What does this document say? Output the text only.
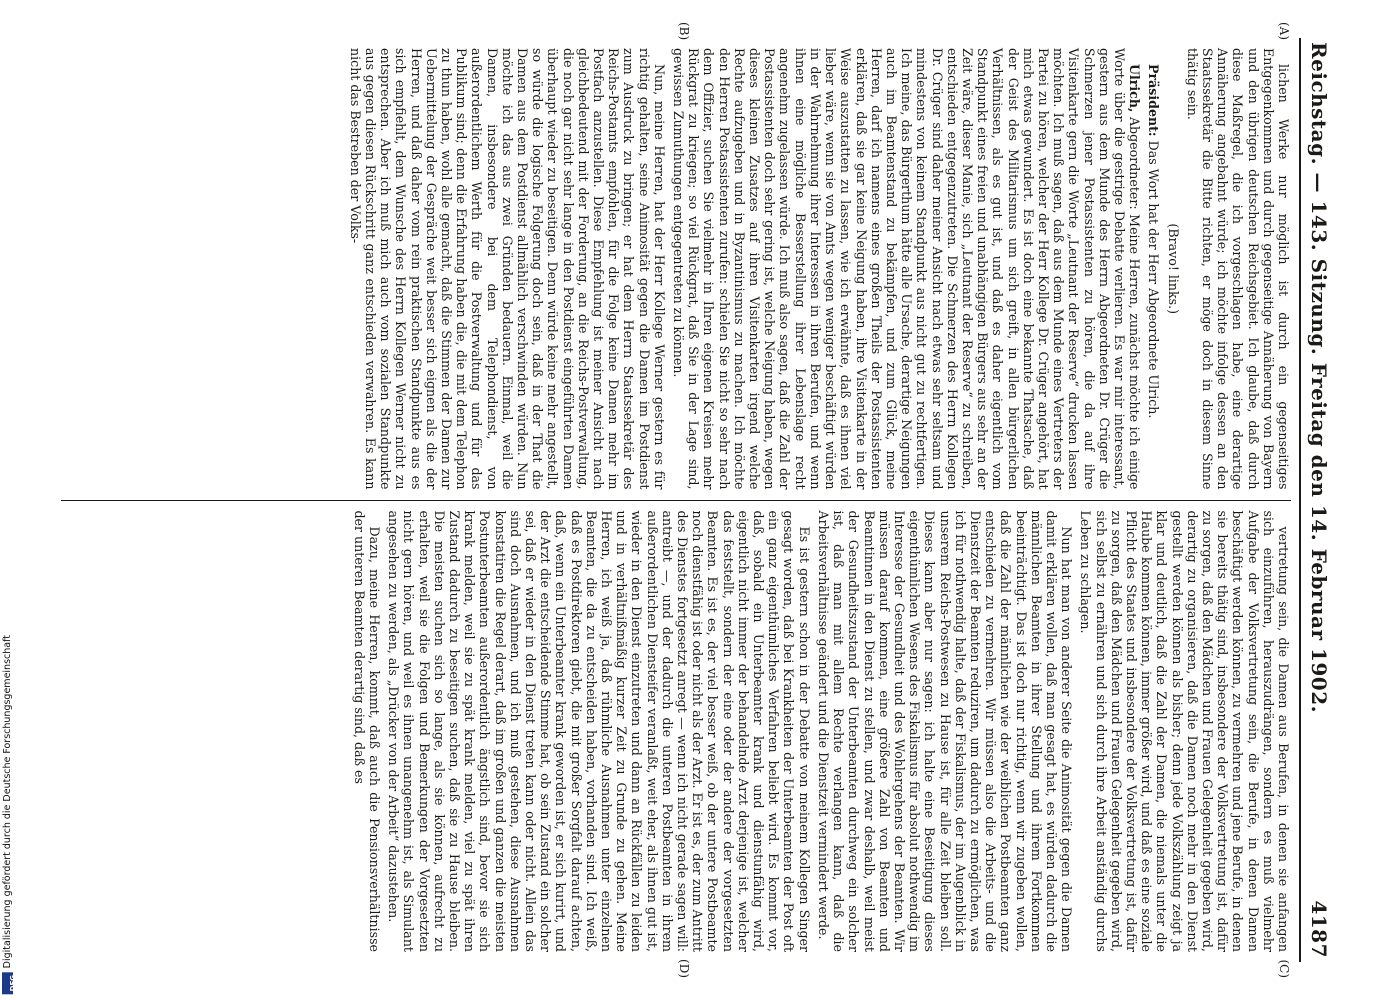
Reichstag. — 143. Sitzung. Freitag den 14. Februar 1902.
4187
(A)
(B)
(C)
(D)

lichen Werke nur möglich ist durch ein gegenseitiges Entgegenkommen und durch gegenseitige Annäherung von Bayern und den übrigen deutschen Reichsgebiet. Ich glaube, daß durch diese Maßregel, die ich vorgeschlagen habe, eine derartige Annäherung angebahnt würde; ich möchte infolge dessen an den Staatssekretär die Bitte richten, er möge doch in diesem Sinne thätig sein.

(Bravo! links.)

Präsident: Das Wort hat der Herr Abgeordnete Ulrich.

Ulrich, Abgeordneter: Meine Herren, zunächst möchte ich einige Worte über die gestrige Debatte verlieren. Es war mir interessant, gestern aus dem Munde des Herrn Abgeordneten Dr. Crüger die Schmerzen jener Postassistenten zu hören, die da auf ihre Visitenkarte gern die Worte „Leutnant der Reserve“ drucken lassen möchten. Ich muß sagen, daß aus dem Munde eines Vertreters der Partei zu hören, welcher der Herr Kollege Dr. Crüger angehört, hat mich etwas gewundert. Es ist doch eine bekannte Thatsache, daß der Geist des Militarismus um sich greift, in allen bürgerlichen Verhältnissen, als es gut ist, und daß es daher eigentlich vom Standpunkt eines freien und unabhängigen Bürgers aus sehr an der Zeit wäre, dieser Manie, sich „Leutnant der Reserve“ zu schreiben, entschieden entgegenzutreten. Die Schmerzen des Herrn Kollegen Dr. Crüger sind daher meiner Ansicht nach etwas sehr seltsam und mindestens von keinem Standpunkt aus nicht gut zu rechtfertigen. Ich meine, das Bürgerthum hätte alle Ursache, derartige Neigungen auch im Beamtenstand zu bekämpfen, und zum Glück, meine Herren, darf ich namens eines großen Theils der Postassistenten erklären, daß sie gar keine Neigung haben, ihre Visitenkarte in der Weise auszustatten zu lassen, wie ich erwähnte, daß es ihnen viel lieber wäre, wenn sie von Amts wegen weniger beschäftigt würden in der Wahrnehmung ihrer Interessen in ihren Berufen, und wenn ihnen eine mögliche Besserstellung ihrer Lebenslage recht angenehm zugelassen würde. Ich muß also sagen, daß die Zahl der Postassistenten doch sehr gering ist, welche Neigung haben, wegen dieses kleinen Zusatzes auf ihren Visitenkarten irgend welche Rechte aufzugeben und in Byzantinismus zu machen. Ich möchte den Herren Postassistenten zurufen: schielen Sie nicht so sehr nach dem Offizier, suchen Sie vielmehr in Ihren eigenen Kreisen mehr Rückgrat zu kriegen; so viel Rückgrat, daß Sie in der Lage sind, gewissen Zumuthungen entgegentreten zu können.

Nun, meine Herren, hat der Herr Kollege Werner gestern es für richtig gehalten, seine Animosität gegen die Damen im Postdienst zum Ausdruck zu bringen; er hat dem Herrn Staatssekretär des Reichs-Postamts empfohlen, für die Folge keine Damen mehr im Postfach anzustellen. Diese Empfehlung ist meiner Ansicht nach gleichbedeutend mit der Forderung, an die Reichs-Postverwaltung, die noch gar nicht sehr lange in den Postdienst eingeführten Damen überhaupt wieder zu beseitigen. Denn würde keine mehr angestellt, so würde die logische Folgerung doch sein, daß in der That die Damen aus dem Postdienst allmählich verschwinden würden. Nun möchte ich das aus zwei Gründen bedauern. Einmal, weil die Damen, insbesondere bei dem Telephondienst, von außerordentlichem Werth für die Postverwaltung und für das Publikum sind; denn die Erfahrung haben die, die mit dem Telephon zu thun haben, wohl alle gemacht, daß die Stimmen der Damen zur Uebermittelung der Gespräche weit besser sich eignen als die der Herren, und daß daher vom rein praktischen Standpunkte aus es sich empfiehlt, dem Wunsche des Herrn Kollegen Werner nicht zu entsprechen. Aber ich muß mich auch vom sozialen Standpunkte aus gegen diesen Rückschritt ganz entschieden verwahren. Es kann nicht das Bestreben der Volks-

vertretung sein, die Damen aus Berufen, in denen sie anfangen sich einzuführen, herauszudrängen, sondern es muß vielmehr Aufgabe der Volksvertretung sein, die Berufe, in denen Damen beschäftigt werden können, zu vermehren und jene Berufe, in denen sie bereits thätig sind, insbesondere der Volksvertretung ist, dafür zu sorgen, daß den Mädchen und Frauen Gelegenheit gegeben wird, derartig zu organisieren, daß die Damen noch mehr in den Dienst gestellt werden können als bisher; denn jede Volkszählung zeigt ja klar und deutlich, daß die Zahl der Damen, die niemals unter die Haube kommen können, immer größer wird, und daß es eine soziale Pflicht des Staates und insbesondere der Volksvertretung ist, dafür zu sorgen, daß den Mädchen und Frauen Gelegenheit gegeben wird, sich selbst zu ernähren und sich durch ihre Arbeit anständig durchs Leben zu schlagen.

Nun hat man von anderer Seite die Animosität gegen die Damen damit erklären wollen, daß man gesagt hat, es würden dadurch die männlichen Beamten in ihrer Stellung und ihrem Fortkommen beeinträchtigt. Das ist doch nur richtig, wenn wir zugeben wollen, daß die Zahl der männlichen wie der weiblichen Postbeamten ganz entschieden zu vermehren. Wir müssen also die Arbeits- und die Dienstzeit der Beamten reduziren, um dadurch zu ermöglichen, was ich für nothwendig halte, daß der Fiskalismus, der im Augenblick in unserem Reichs-Postwesen zu Hause ist, für alle Zeit bleiben soll. Dieses kann aber nur sagen: ich halte eine Beseitigung dieses eigenthümlichen Wesens des Fiskalismus für absolut nothwendig im Interesse der Gesundheit und des Wohlergehens der Beamten. Wir müssen darauf kommen, eine größere Zahl von Beamten und Beamtinnen in den Dienst zu stellen, und zwar deshalb, weil meist der Gesundheitszustand der Unterbeamten durchweg ein solcher ist, daß man mit allem Rechte verlangen kann, daß die Arbeitsverhältnisse geändert und die Dienstzeit vermindert werde.

Es ist gestern schon in der Debatte von meinem Kollegen Singer gesagt worden, daß bei Krankheiten der Unterbeamten der Post oft ein ganz eigenthümliches Verfahren beliebt wird. Es kommt vor, daß, sobald ein Unterbeamter krank und dienstunfähig wird, eigentlich nicht immer der behandelnde Arzt derjenige ist, welcher das feststellt, sondern der eine oder der andere der vorgesetzten Beamten. Es ist es, der viel besser weiß, ob der untere Postbeamte noch dienstfähig ist oder nicht als der Arzt. Er ist es, der zum Antritt des Dienstes fortgesetzt anregt — wenn ich nicht gerade sagen will: antreibt —, und der dadurch die unteren Postbeamten in ihrem außerordentlichen Diensteifer veranlaßt, weit eher, als ihnen gut ist, wieder in den Dienst einzutreten und dann an Rückfällen zu leiden und in verhältnißmäßig kurzer Zeit zu Grunde zu gehen. Meine Herren, ich weiß ja, daß rühmliche Ausnahmen unter einzelnen Beamten, die da zu entscheiden haben, vorhanden sind. Ich weiß, daß es Postdirektoren giebt, die mit großer Sorgfalt darauf achten, daß, wenn ein Unterbeamter krank geworden ist, er sich kurirt, und der Arzt die entscheidende Stimme hat, ob sein Zustand ein solcher sei, daß er wieder in den Dienst treten kann oder nicht. Allein das sind doch Ausnahmen, und ich muß gestehen, diese Ausnahmen konstatiren die Regel derart, daß im großen und ganzen die meisten Postunterbeamten außerordentlich ängstlich sind, bevor sie sich krank melden, weil sie zu spät krank melden, viel zu spät ihren Zustand dadurch zu beseitigen suchen, daß sie zu Hause bleiben. Die meisten suchen sich so lange, als sie können, aufrecht zu erhalten, weil sie die Folgen und Bemerkungen der Vorgesetzten nicht gern hören, und weil es ihnen unangenehm ist, als Simulant angesehen zu werden, als „Drücker von der Arbeit“ dazustehen.

Dazu, meine Herren, kommt, daß auch die Pensionsverhältnisse der unteren Beamten derartig sind, daß es

DFG
Digitalisierung gefördert durch die Deutsche Forschungsgemeinschaft
